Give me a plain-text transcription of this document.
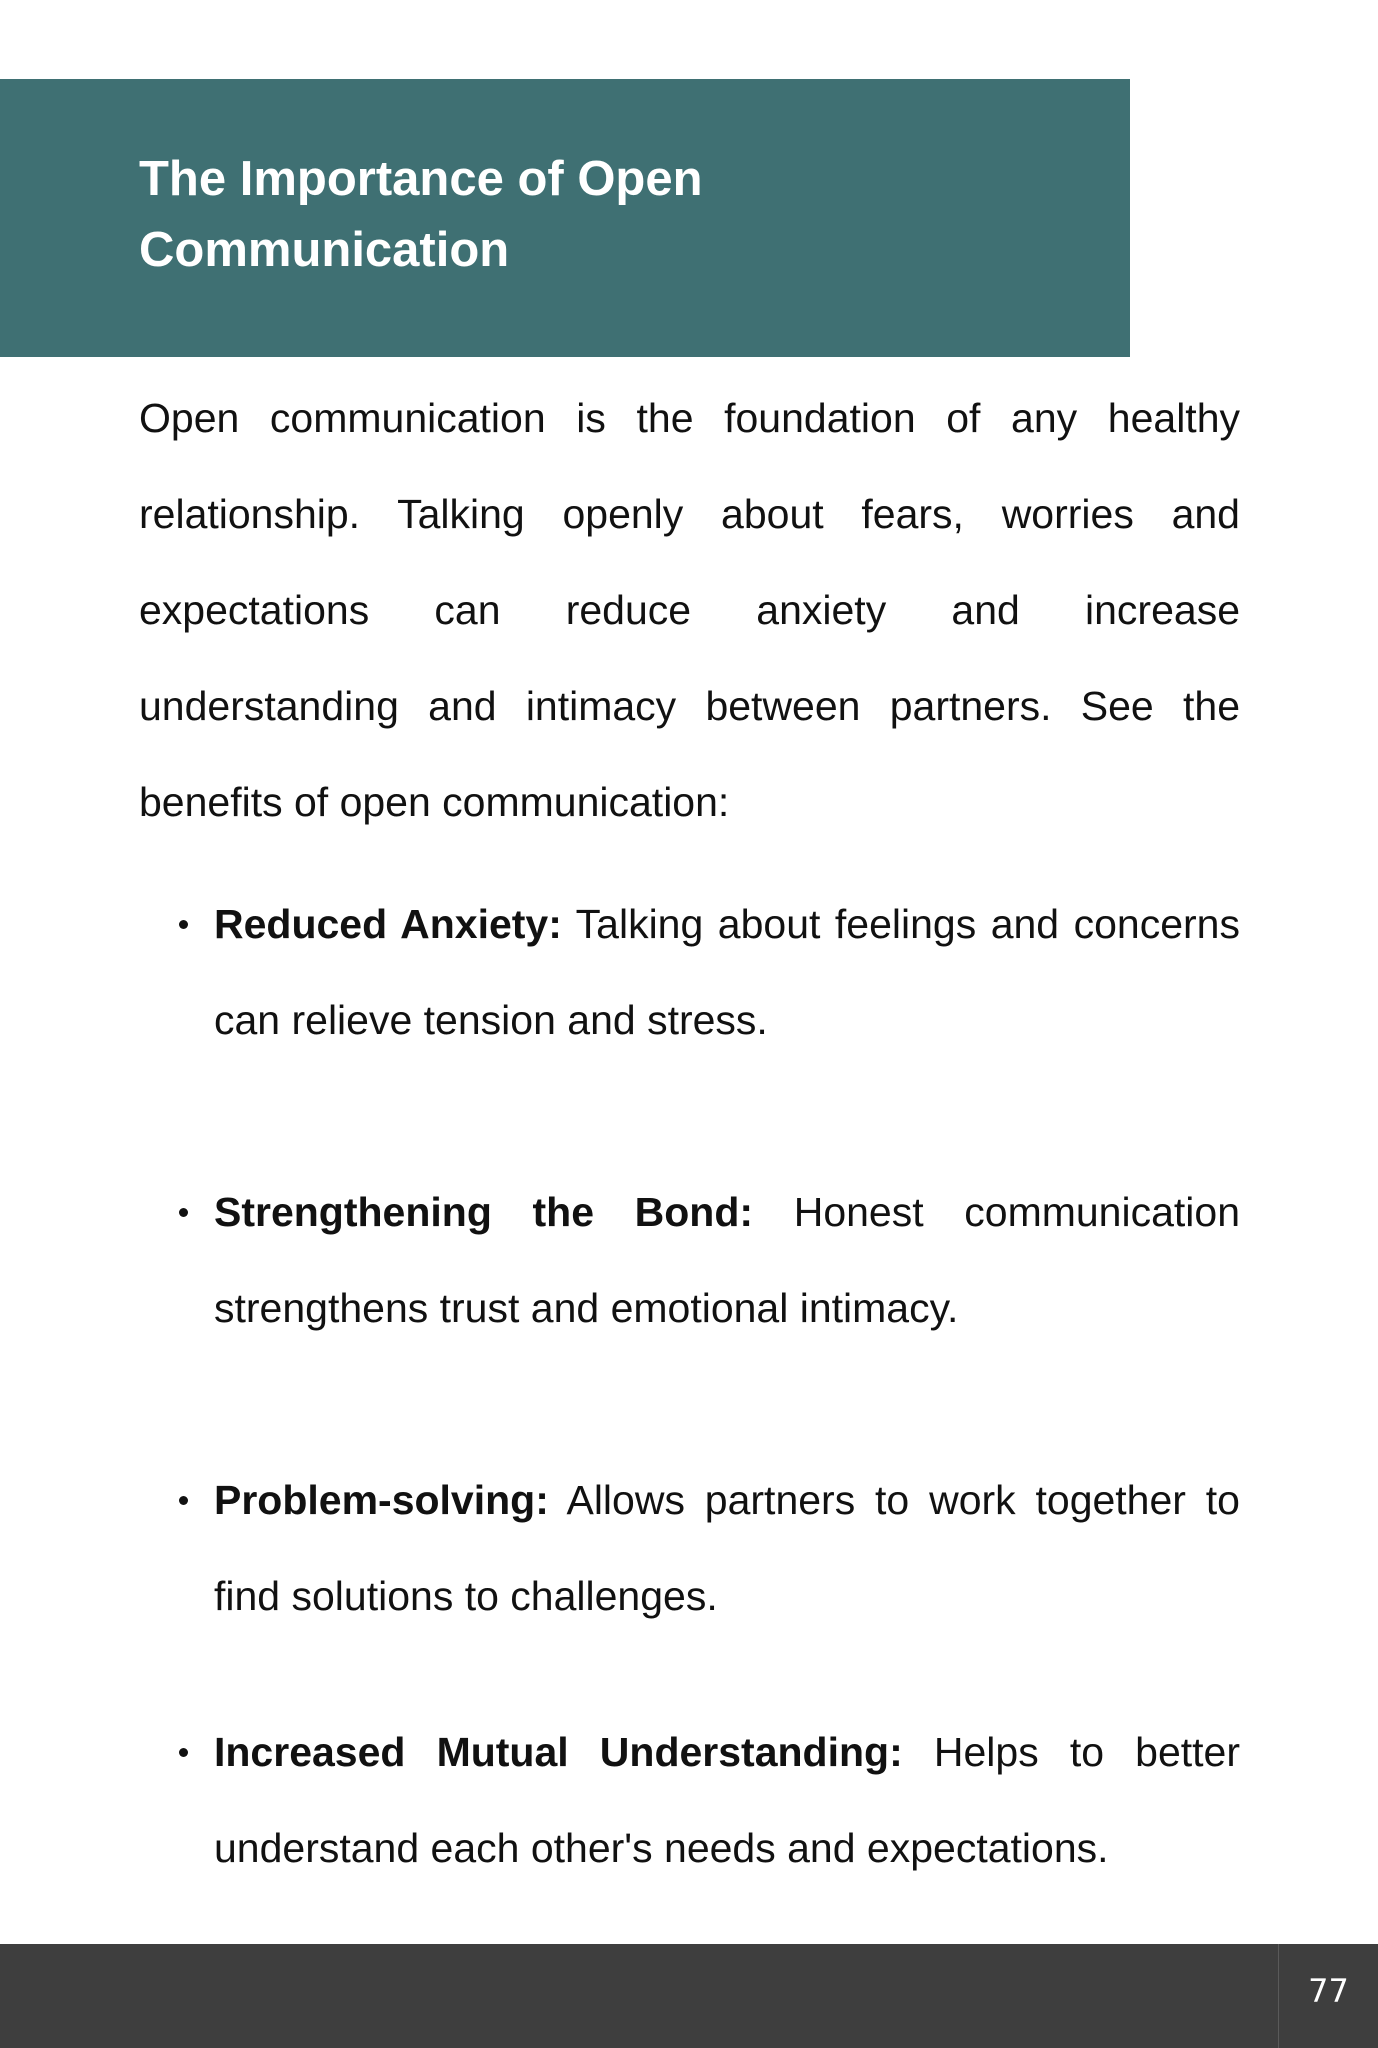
The Importance of Open Communication

Open communication is the foundation of any healthy relationship. Talking openly about fears, worries and expectations can reduce anxiety and increase understanding and intimacy between partners. See the benefits of open communication:

Reduced Anxiety: Talking about feelings and concerns can relieve tension and stress.
Strengthening the Bond: Honest communication strengthens trust and emotional intimacy.
Problem-solving: Allows partners to work together to find solutions to challenges.
Increased Mutual Understanding: Helps to better understand each other's needs and expectations.
77
